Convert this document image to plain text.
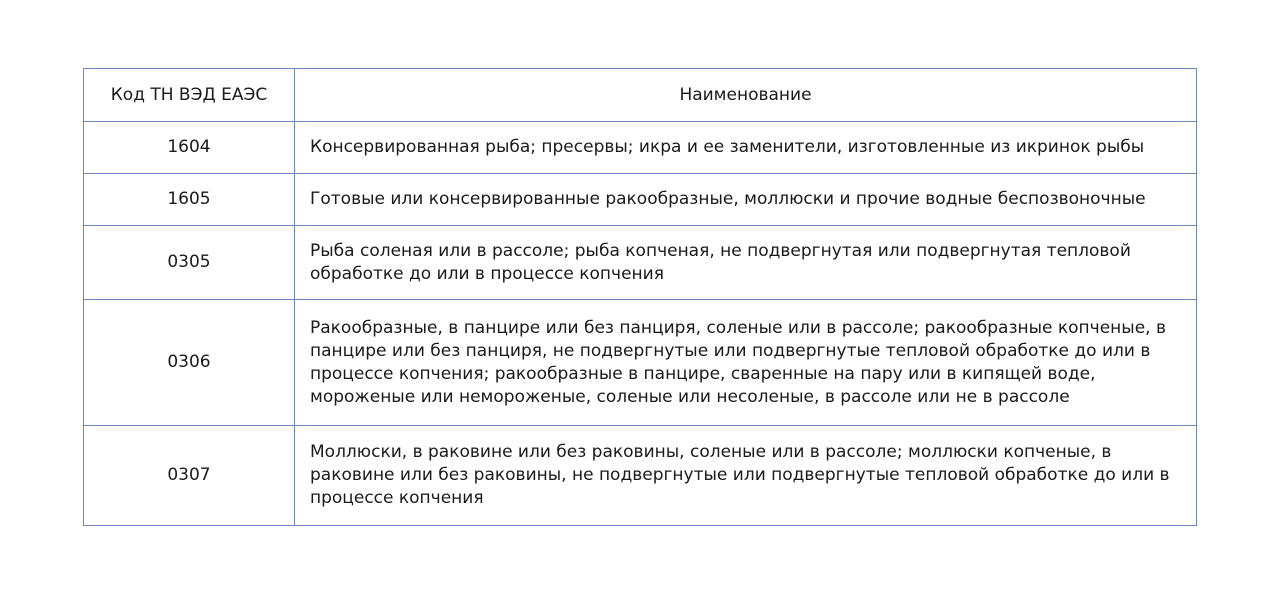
Код ТН ВЭД ЕАЭС	Наименование
1604	Консервированная рыба; пресервы; икра и ее заменители, изготовленные из икринок рыбы
1605	Готовые или консервированные ракообразные, моллюски и прочие водные беспозвоночные
0305	Рыба соленая или в рассоле; рыба копченая, не подвергнутая или подвергнутая тепловой обработке до или в процессе копчения
0306	Ракообразные, в панцире или без панциря, соленые или в рассоле; ракообразные копченые, в панцире или без панциря, не подвергнутые или подвергнутые тепловой обработке до или в процессе копчения; ракообразные в панцире, сваренные на пару или в кипящей воде, мороженые или немороженые, соленые или несоленые, в рассоле или не в рассоле
0307	Моллюски, в раковине или без раковины, соленые или в рассоле; моллюски копченые, в раковине или без раковины, не подвергнутые или подвергнутые тепловой обработке до или в процессе копчения
